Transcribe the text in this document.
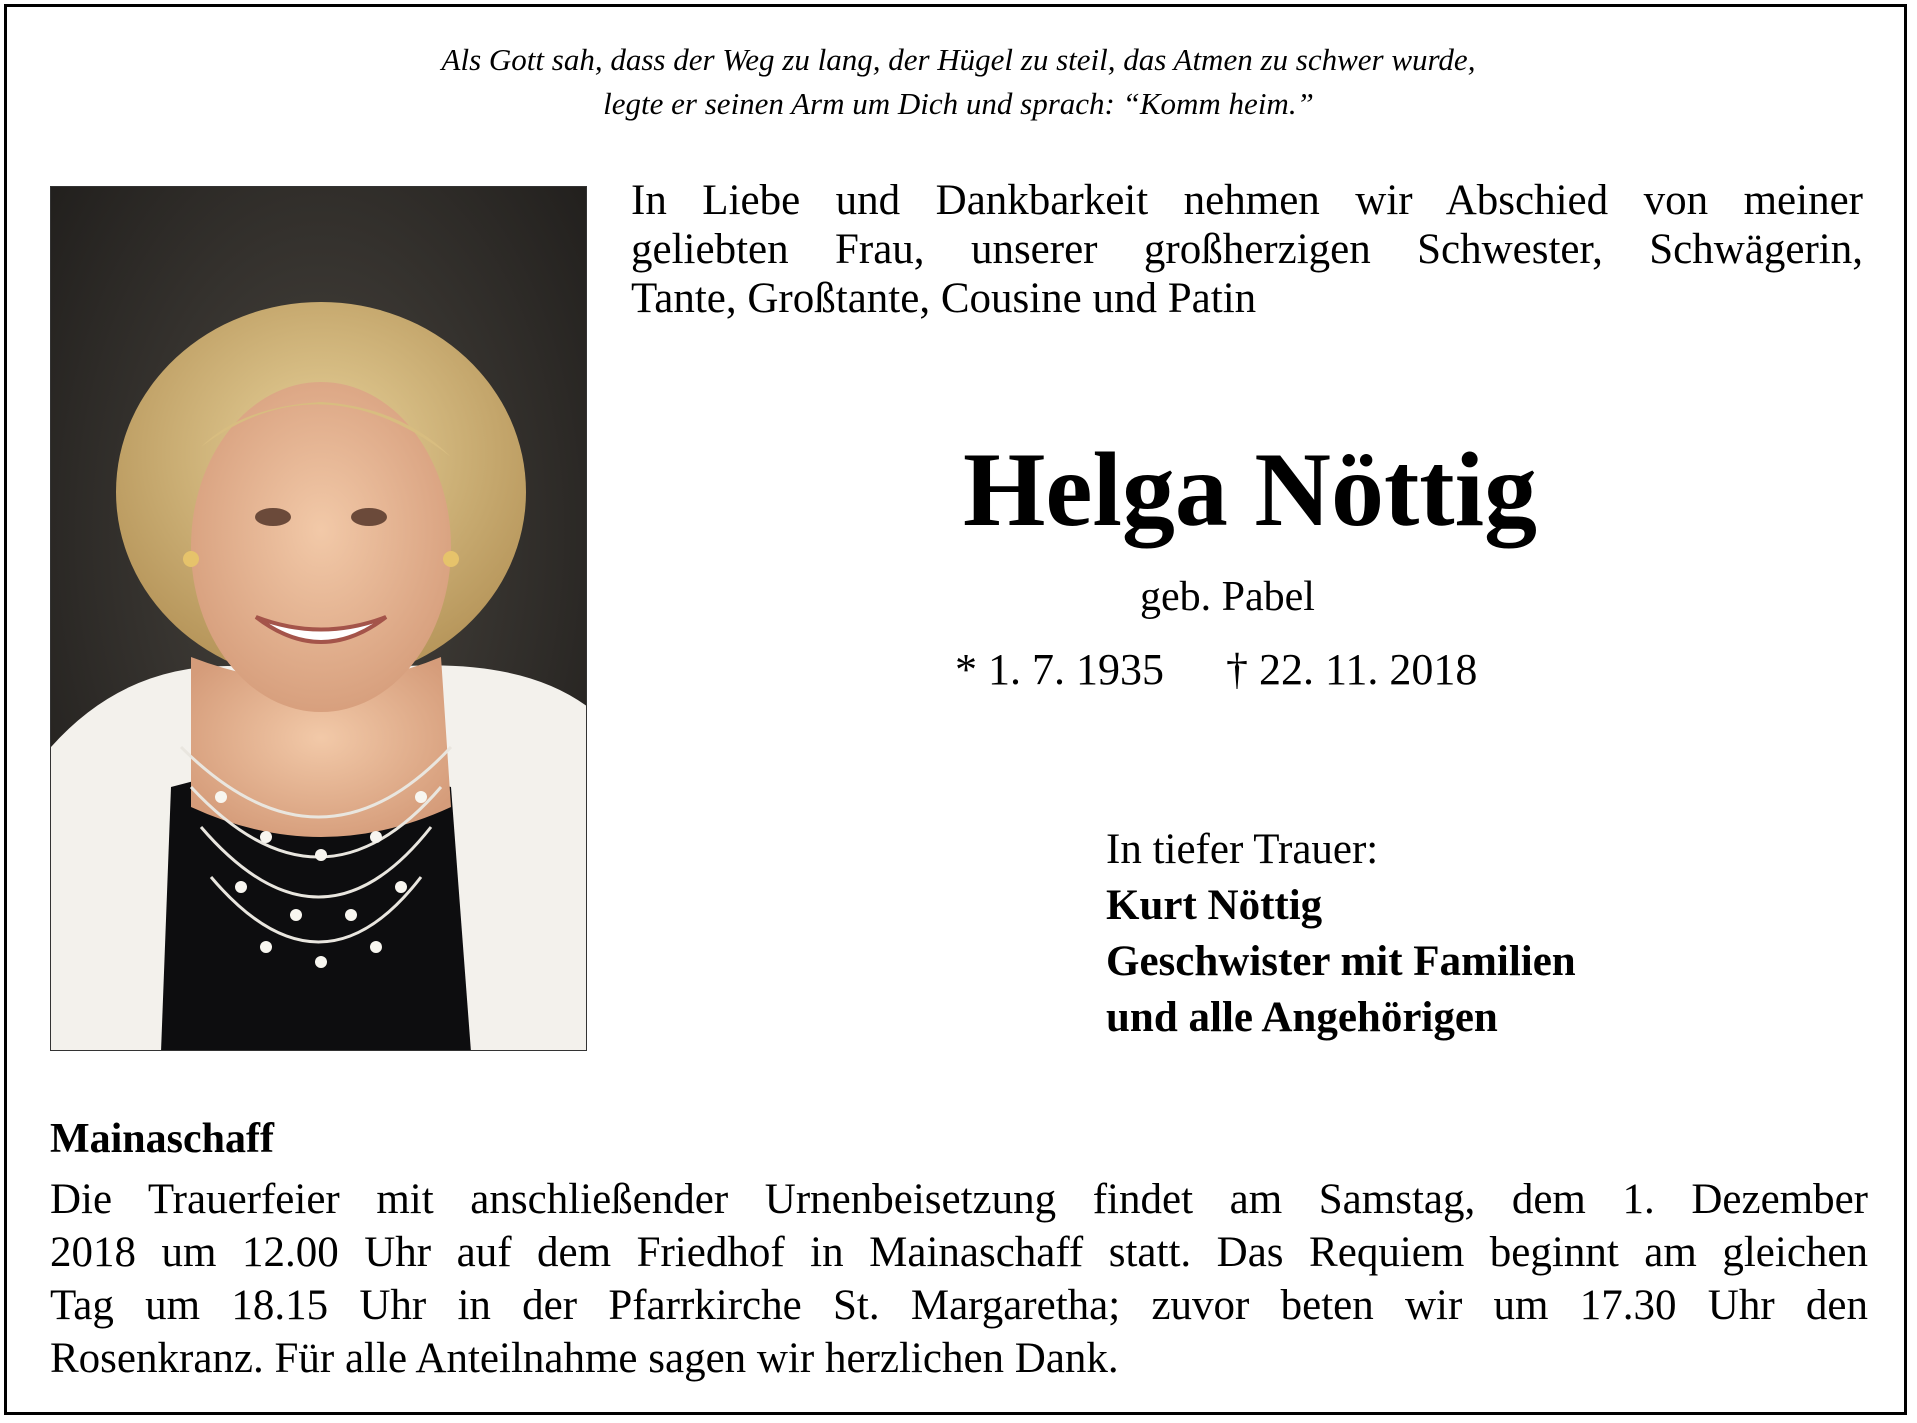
Als Gott sah, dass der Weg zu lang, der Hügel zu steil, das Atmen zu schwer wurde,
legte er seinen Arm um Dich und sprach: “Komm heim.”
In Liebe und Dankbarkeit nehmen wir Abschied von meiner
geliebten Frau, unserer großherzigen Schwester, Schwägerin,
Tante, Großtante, Cousine und Patin
Helga Nöttig
geb. Pabel
* 1. 7. 1935 † 22. 11. 2018
In tiefer Trauer:
Kurt Nöttig
Geschwister mit Familien
und alle Angehörigen
Mainaschaff
Die Trauerfeier mit anschließender Urnenbeisetzung findet am Samstag, dem 1. Dezember
2018 um 12.00 Uhr auf dem Friedhof in Mainaschaff statt. Das Requiem beginnt am gleichen
Tag um 18.15 Uhr in der Pfarrkirche St. Margaretha; zuvor beten wir um 17.30 Uhr den
Rosenkranz. Für alle Anteilnahme sagen wir herzlichen Dank.
